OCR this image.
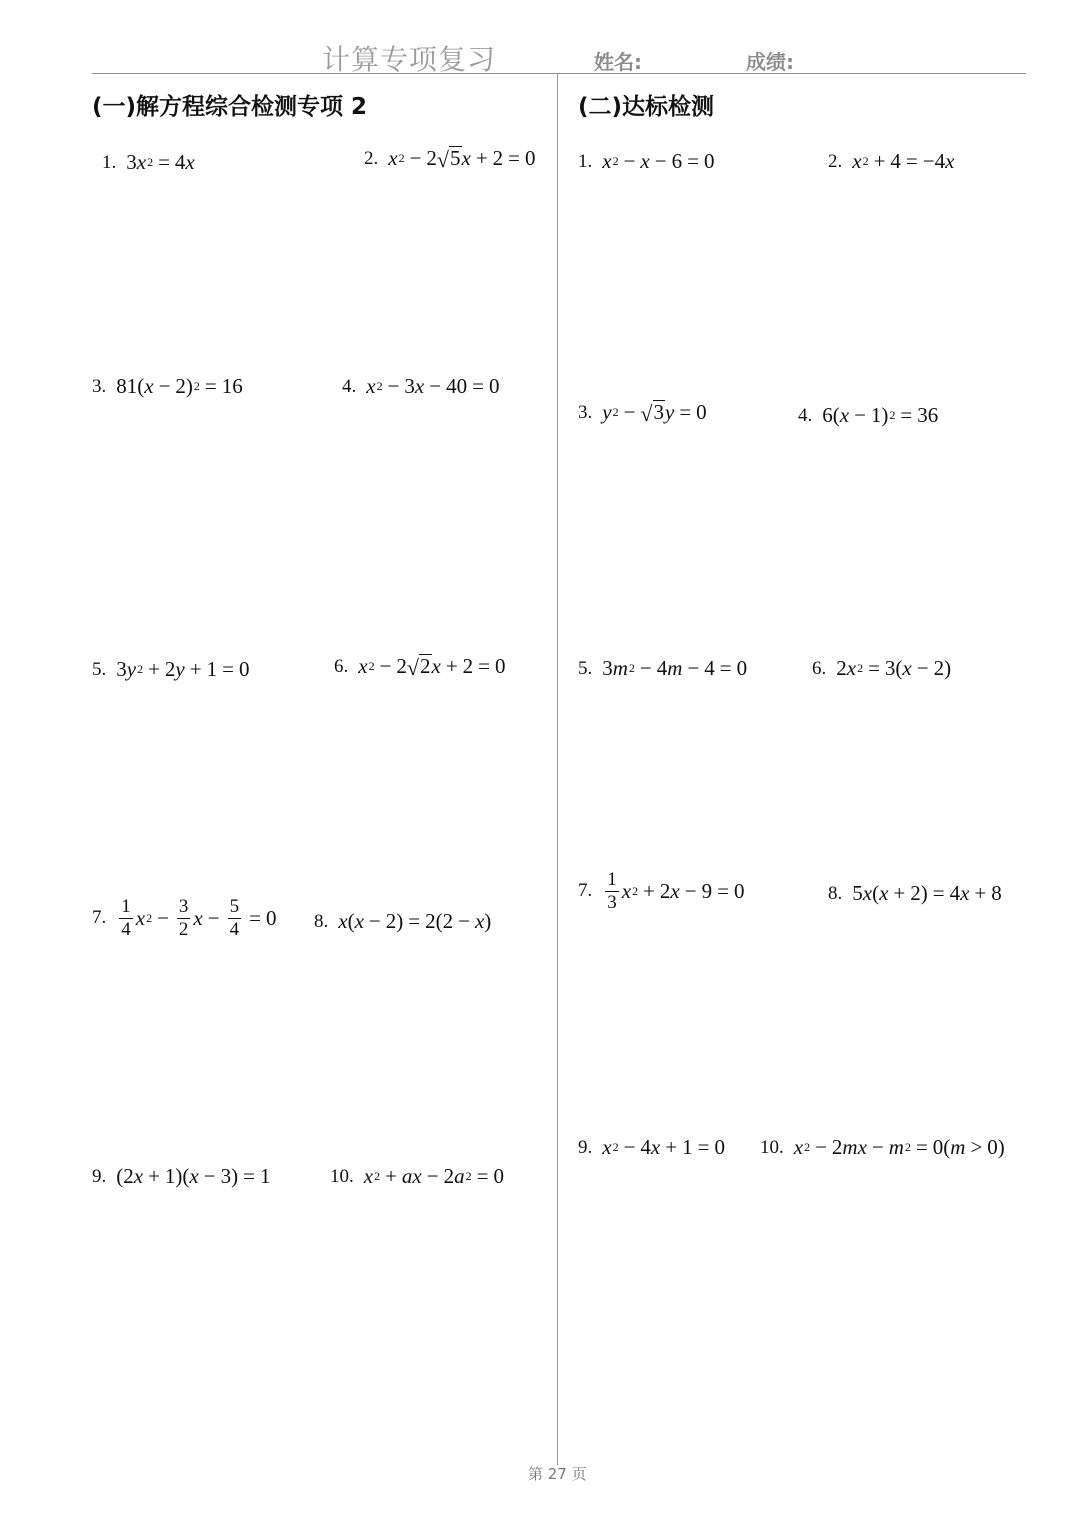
计算专项复习	姓名:	成绩:
(一)解方程综合检测专项 2	(二)达标检测
1. 3 x 2 = 4 x	2. x 2 − 2 √ 5 x + 2 = 0
3. 81( x − 2) 2 = 16	4. x 2 − 3 x − 40 = 0
5. 3 y 2 + 2 y + 1 = 0	6. x 2 − 2 √ 2 x + 2 = 0
7. $\frac{1}{4}$ x $2 - \frac{3}{2}$ $x - \frac{5}{4} = 0$ 8. x ( x − 2) = 2(2 − x )
9. (2 x + 1)( x − 3) = 1	10. x 2 + ax − 2 a 2 = 0
1. x 2 − x − 6 = 0	2. x 2 + 4 = −4 x
3. y 2 − √ 3 y = 0	4. 6( x − 1) 2 = 36
5. 3 m 2 − 4 m − 4 = 0	6. 2 x 2 = 3( x − 2)
7. $\frac{1}{3}$ x 2 + 2 x − 9 = 0	8. 5 x ( x + 2) = 4 x + 8
9. x 2 − 4 x + 1 = 0 10. x 2 − 2 mx − m 2 = 0( m > 0)
第 27 页
